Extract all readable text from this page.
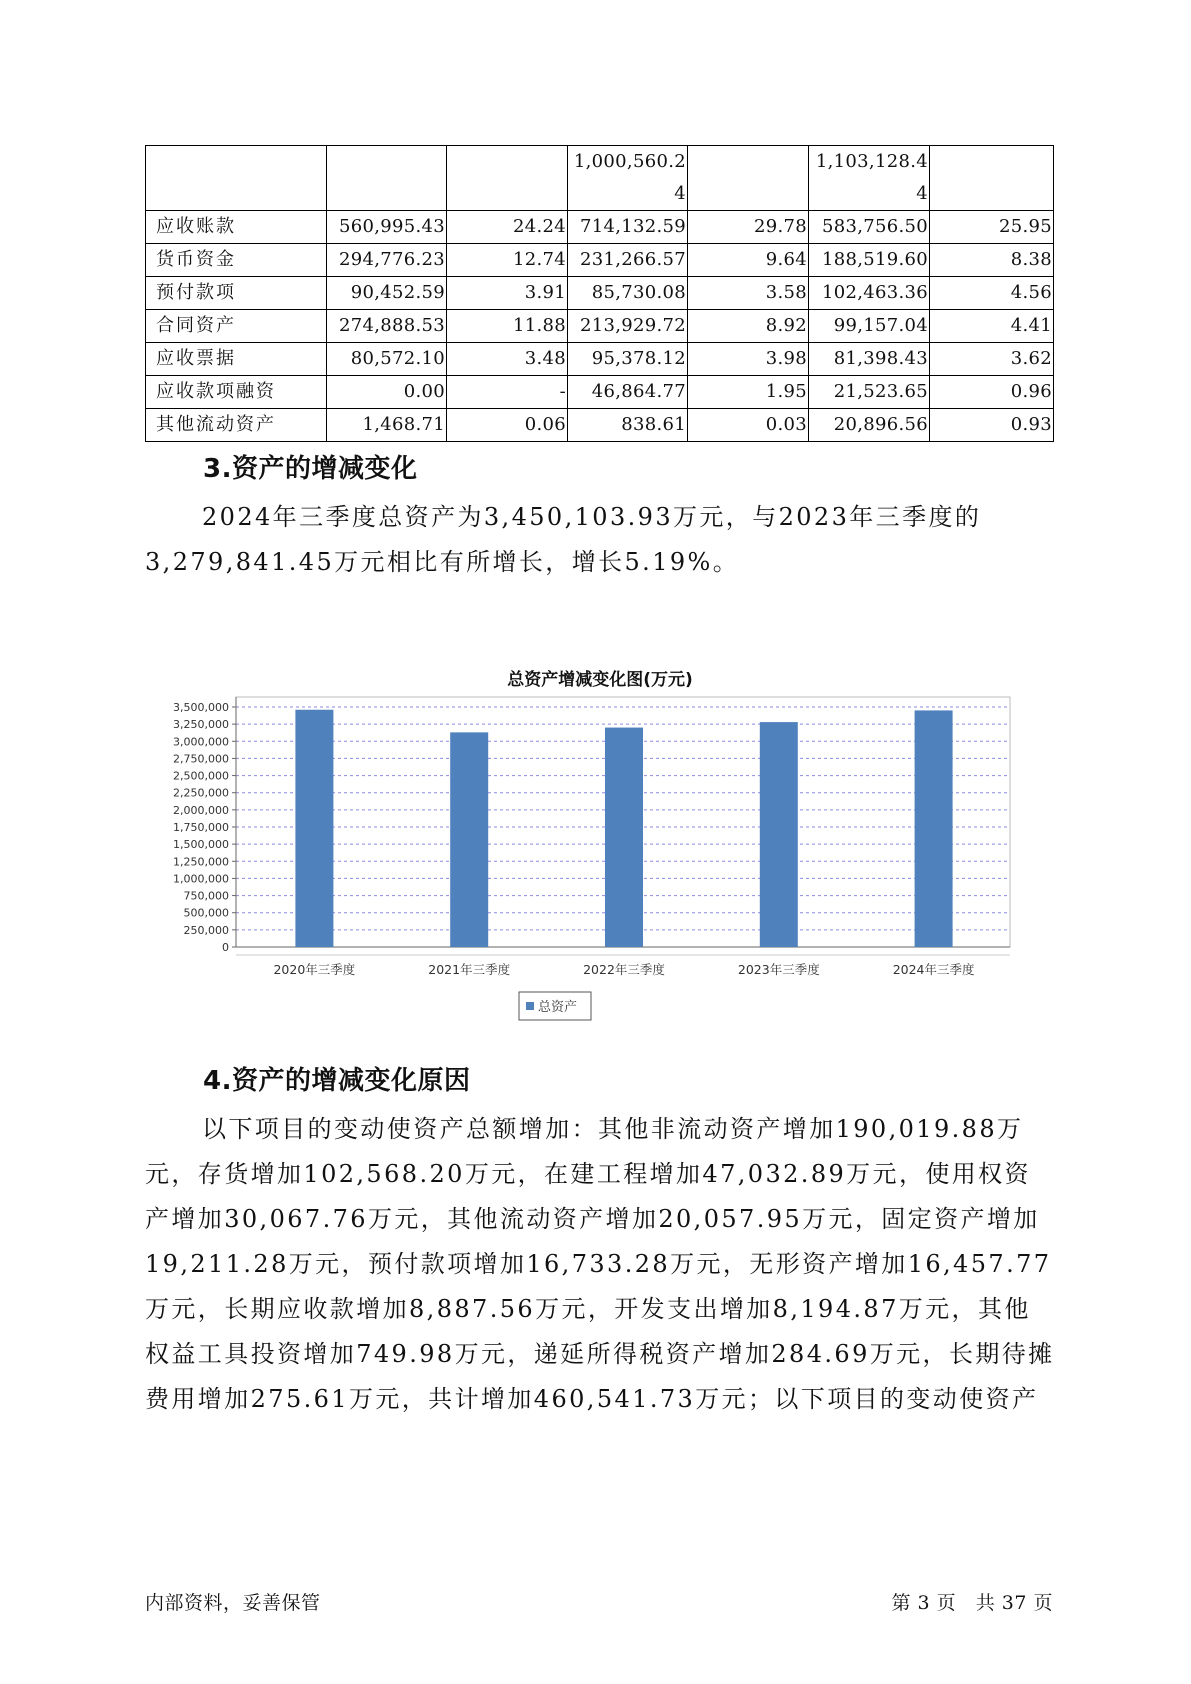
			1,000,560.24		1,103,128.44	

应收账款	560,995.43	24.24	714,132.59	29.78	583,756.50	25.95
货币资金	294,776.23	12.74	231,266.57	9.64	188,519.60	8.38
预付款项	90,452.59	3.91	85,730.08	3.58	102,463.36	4.56
合同资产	274,888.53	11.88	213,929.72	8.92	99,157.04	4.41
应收票据	80,572.10	3.48	95,378.12	3.98	81,398.43	3.62
应收款项融资	0.00	-	46,864.77	1.95	21,523.65	0.96
其他流动资产	1,468.71	0.06	838.61	0.03	20,896.56	0.93
3.资产的增减变化

2024年三季度总资产为3,450,103.93万元，与2023年三季度的3,279,841.45万元相比有所增长，增长5.19%。

总资产增减变化图(万元)
0
250,000
500,000
750,000
1,000,000
1,250,000
1,500,000
1,750,000
2,000,000
2,250,000
2,500,000
2,750,000
3,000,000
3,250,000
3,500,000
2020年三季度	2021年三季度	2022年三季度	2023年三季度	2024年三季度
总资产
4.资产的增减变化原因

以下项目的变动使资产总额增加：其他非流动资产增加190,019.88万元，存货增加102,568.20万元，在建工程增加47,032.89万元，使用权资产增加30,067.76万元，其他流动资产增加20,057.95万元，固定资产增加19,211.28万元，预付款项增加16,733.28万元，无形资产增加16,457.77万元，长期应收款增加8,887.56万元，开发支出增加8,194.87万元，其他权益工具投资增加749.98万元，递延所得税资产增加284.69万元，长期待摊费用增加275.61万元，共计增加460,541.73万元；以下项目的变动使资产

内部资料，妥善保管	第 3 页   共 37 页
